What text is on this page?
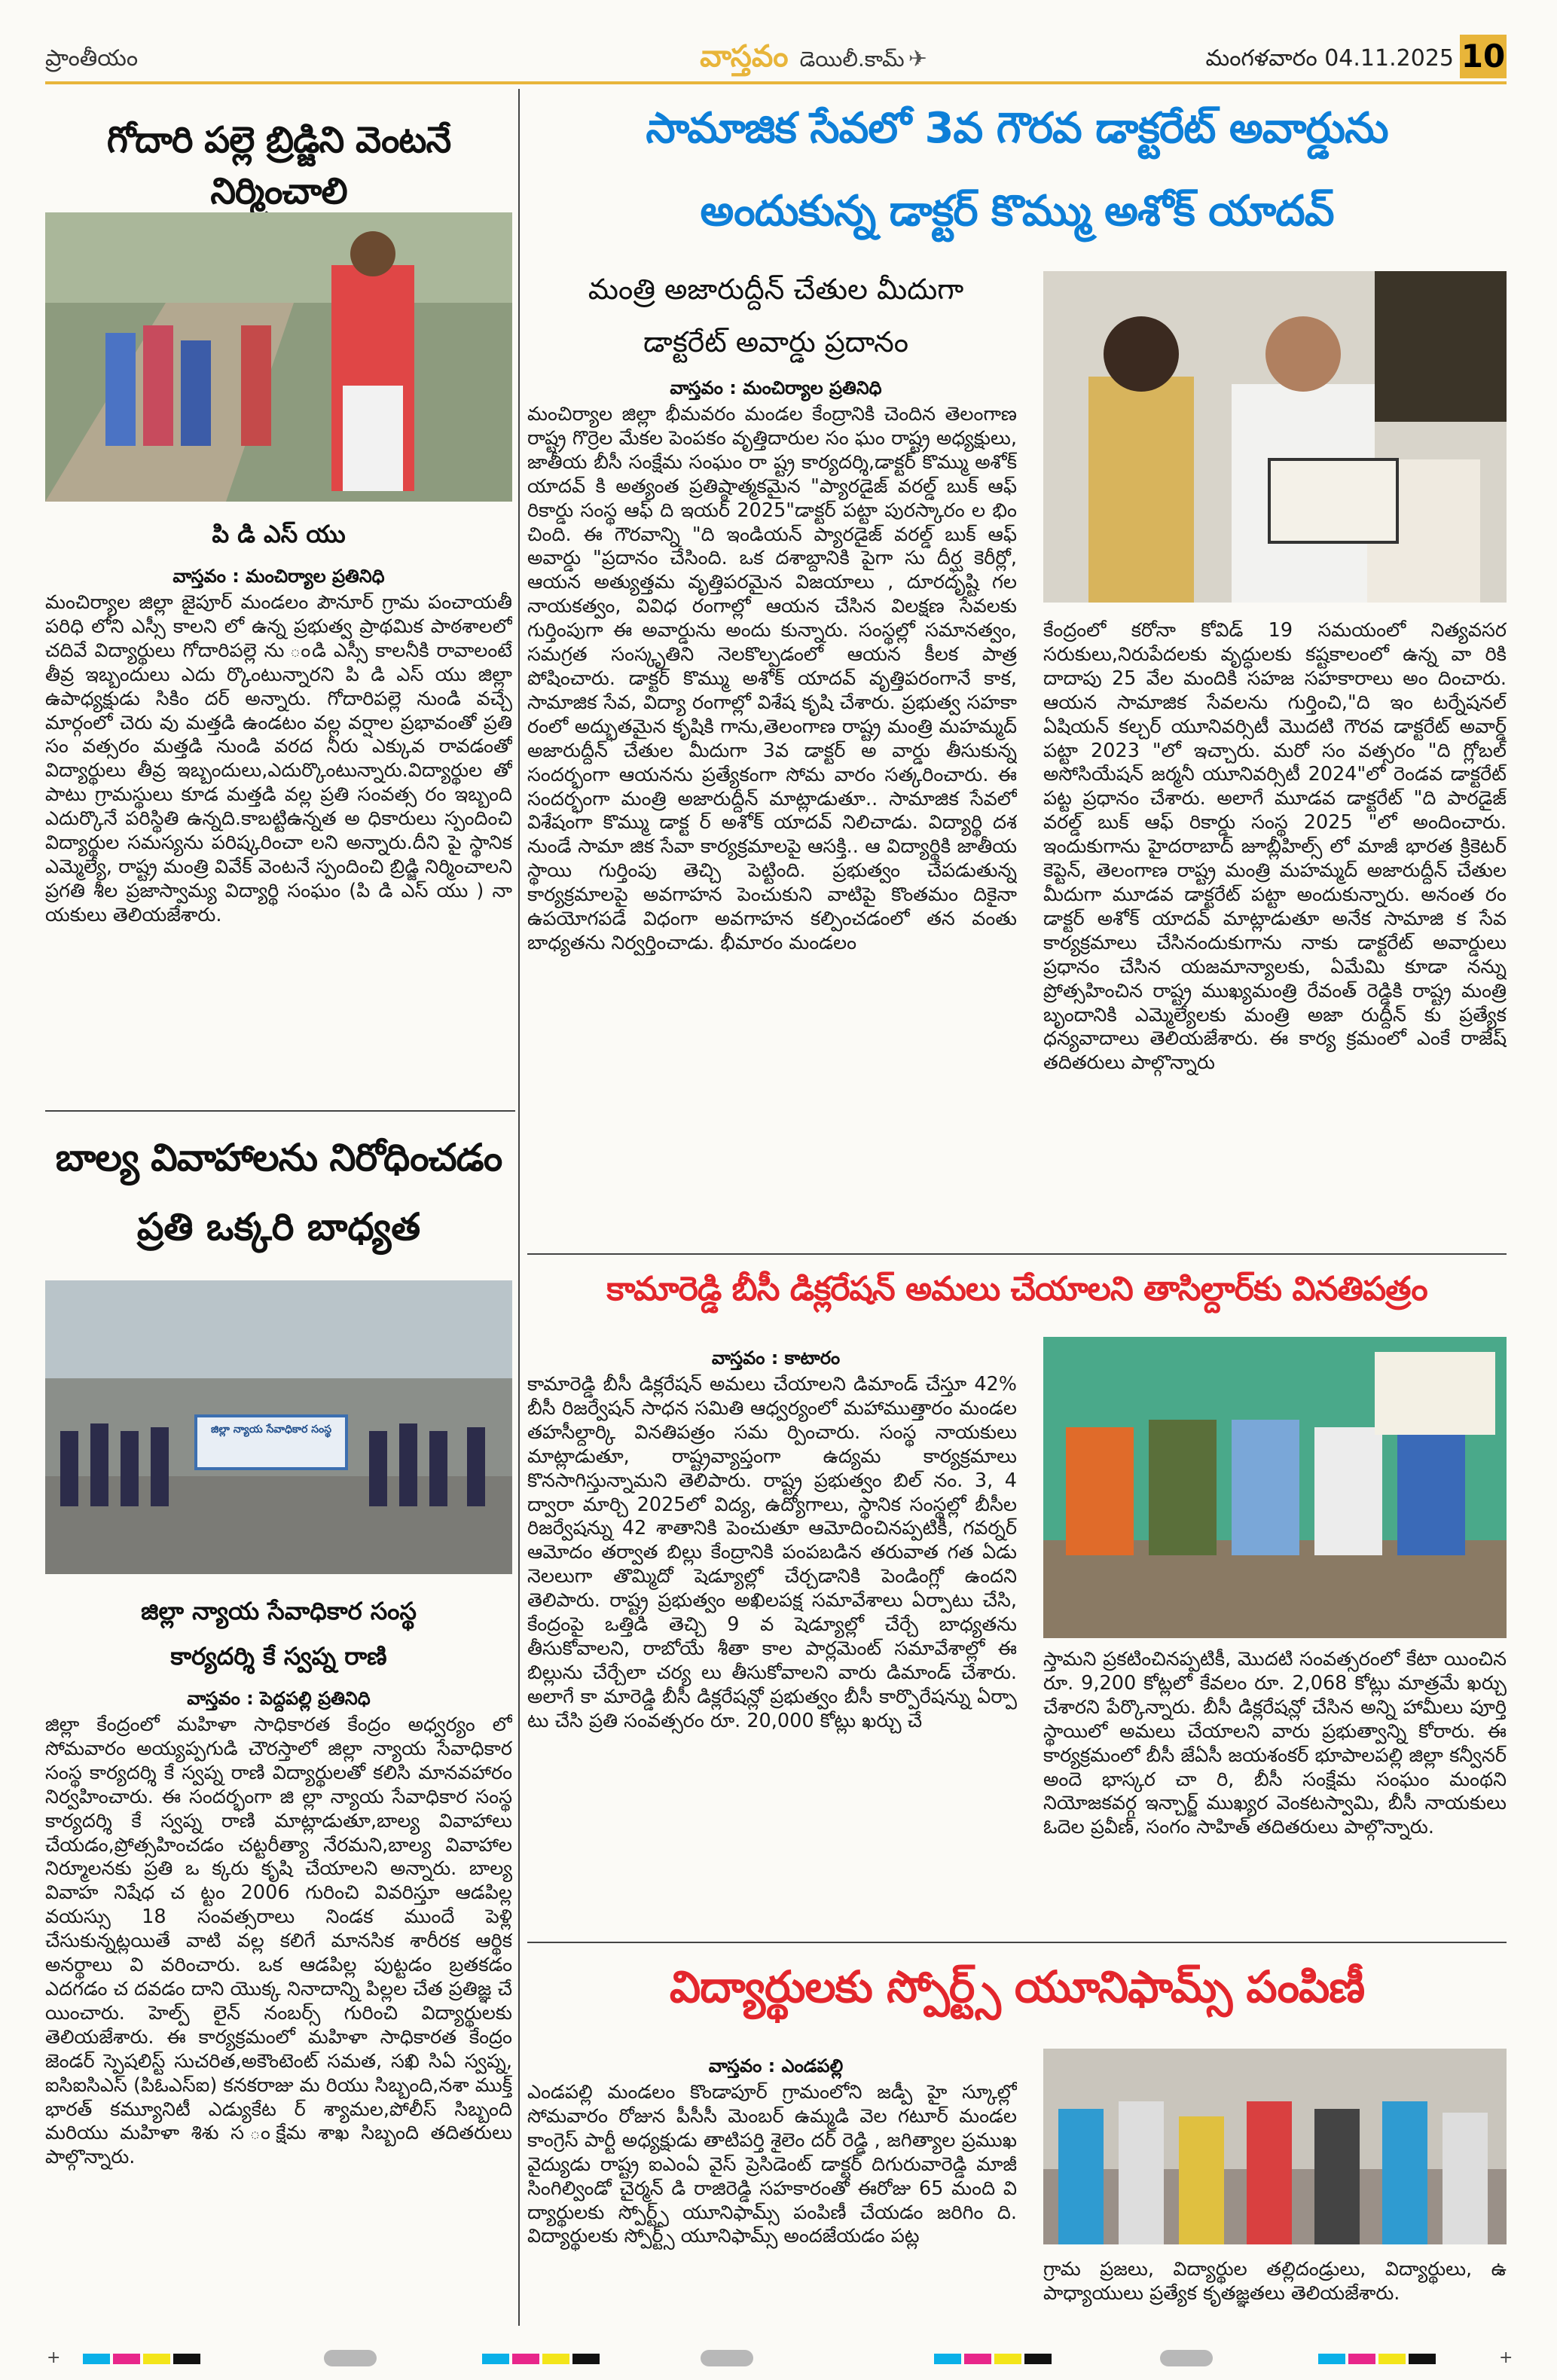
ప్రాంతీయం	వాస్తవం డెయిలీ.కామ్ ✈	మంగళవారం 04.11.2025 10
గోదారి పల్లె బ్రిడ్జిని వెంటనే నిర్మించాలి
పి డి ఎస్ యు
వాస్తవం : మంచిర్యాల ప్రతినిధి
మంచిర్యాల జిల్లా జైపూర్ మండలం పౌనూర్ గ్రామ పంచాయతీ పరిధి లోని ఎస్సీ కాలని లో ఉన్న ప్రభుత్వ ప్రాథమిక పాఠశాలలో చదివే విద్యార్థులు గోదారిపల్లె ను ండి ఎస్సీ కాలనీకి రావాలంటే తీవ్ర ఇబ్బందులు ఎదు ర్కొంటున్నారని పి డి ఎస్ యు జిల్లా ఉపాధ్యక్షుడు సికిం దర్ అన్నారు. గోదారిపల్లె నుండి వచ్చే మార్గంలో చెరు వు మత్తడి ఉండటం వల్ల వర్షాల ప్రభావంతో ప్రతి సం వత్సరం మత్తడి నుండి వరద నీరు ఎక్కువ రావడంతో విద్యార్థులు తీవ్ర ఇబ్బందులు,ఎదుర్కొంటున్నారు.విద్యార్థుల తో పాటు గ్రామస్థులు కూడ మత్తడి వల్ల ప్రతి సంవత్స రం ఇబ్బంది ఎదుర్కొనే పరిస్థితి ఉన్నది.కాబట్టిఉన్నత అ ధికారులు స్పందించి విద్యార్థుల సమస్యను పరిష్కరించా లని అన్నారు.దీని పై స్థానిక ఎమ్మెల్యే, రాష్ట్ర మంత్రి వివేక్ వెంటనే స్పందించి బ్రిడ్జి నిర్మించాలని ప్రగతి శీల ప్రజాస్వామ్య విద్యార్థి సంఘం (పి డి ఎస్ యు ) నా యకులు తెలియజేశారు.
బాల్య వివాహాలను నిరోధించడం
ప్రతి ఒక్కరి బాధ్యత
జిల్లా న్యాయ సేవాధికార సంస్థ
జిల్లా న్యాయ సేవాధికార సంస్థ
కార్యదర్శి కే స్వప్న రాణి
వాస్తవం : పెద్దపల్లి ప్రతినిధి
జిల్లా కేంద్రంలో మహిళా సాధికారత కేంద్రం అధ్వర్యం లో సోమవారం అయ్యప్పగుడి చౌరస్తాలో జిల్లా న్యాయ సేవాధికార సంస్థ కార్యదర్శి కే స్వప్న రాణి విద్యార్థులతో కలిసి మానవహారం నిర్వహించారు. ఈ సందర్భంగా జి ల్లా న్యాయ సేవాధికార సంస్థ కార్యదర్శి కే స్వప్న రాణి మాట్లాడుతూ,బాల్య వివాహాలు చేయడం,ప్రోత్సహించడం చట్టరీత్యా నేరమని,బాల్య వివాహాల నిర్మూలనకు ప్రతి ఒ క్కరు కృషి చేయాలని అన్నారు. బాల్య వివాహ నిషేధ చ ట్టం 2006 గురించి వివరిస్తూ ఆడపిల్ల వయస్సు 18 సంవత్సరాలు నిండక ముందే పెళ్లి చేసుకున్నట్లయితే వాటి వల్ల కలిగే మానసిక శారీరక ఆర్థిక అనర్థాలు వి వరించారు. ఒక ఆడపిల్ల పుట్టడం బ్రతకడం ఎదగడం చ దవడం దాని యొక్క నినాదాన్ని పిల్లల చేత ప్రతిజ్ఞ చే యించారు. హెల్ప్ లైన్ నంబర్స్ గురించి విద్యార్థులకు తెలియజేశారు. ఈ కార్యక్రమంలో మహిళా సాధికారత కేంద్రం జెండర్ స్పెషలిస్ట్ సుచరిత,అకౌంటెంట్ సమత, సఖి సిఏ స్వప్న, ఐసిఐసిఎస్ (పిఓఎస్ఐ) కనకరాజు మ రియు సిబ్బంది,నశా ముక్త్ భారత్ కమ్యూనిటీ ఎడ్యుకేట ర్ శ్యామల,పోలీస్ సిబ్బంది మరియు మహిళా శిశు స ంక్షేమ శాఖ సిబ్బంది తదితరులు పాల్గొన్నారు.
సామాజిక సేవలో 3వ గౌరవ డాక్టరేట్ అవార్డును
అందుకున్న డాక్టర్ కొమ్ము అశోక్ యాదవ్
మంత్రి అజారుద్దీన్ చేతుల మీదుగా
డాక్టరేట్ అవార్డు ప్రదానం
వాస్తవం : మంచిర్యాల ప్రతినిధి
మంచిర్యాల జిల్లా భీమవరం మండల కేంద్రానికి చెందిన తెలంగాణ రాష్ట్ర గొర్రెల మేకల పెంపకం వృత్తిదారుల సం ఘం రాష్ట్ర అధ్యక్షులు, జాతీయ బీసీ సంక్షేమ సంఘం రా ష్ట్ర కార్యదర్శి,డాక్టర్ కొమ్ము అశోక్ యాదవ్ కి అత్యంత ప్రతిష్ఠాత్మకమైన "ప్యారడైజ్ వరల్డ్ బుక్ ఆఫ్ రికార్డు సంస్థ ఆఫ్ ది ఇయర్ 2025"డాక్టర్ పట్టా పురస్కారం ల భిం చింది. ఈ గౌరవాన్ని "ది ఇండియన్ ప్యారడైజ్ వరల్డ్ బుక్ ఆఫ్ అవార్డు "ప్రదానం చేసింది. ఒక దశాబ్దానికి పైగా సు దీర్ఘ కెరీర్లో, ఆయన అత్యుత్తమ వృత్తిపరమైన విజయాలు , దూరదృష్టి గల నాయకత్వం, వివిధ రంగాల్లో ఆయన చేసిన విలక్షణ సేవలకు గుర్తింపుగా ఈ అవార్డును అందు కున్నారు. సంస్థల్లో సమానత్వం, సమగ్రత సంస్కృతిని నెలకొల్పడంలో ఆయన కీలక పాత్ర పోషించారు. డాక్టర్ కొమ్ము అశోక్ యాదవ్ వృత్తిపరంగానే కాక, సామాజిక సేవ, విద్యా రంగాల్లో విశేష కృషి చేశారు. ప్రభుత్వ సహకా రంలో అద్భుతమైన కృషికి గాను,తెలంగాణ రాష్ట్ర మంత్రి మహమ్మద్ అజారుద్దీన్ చేతుల మీదుగా 3వ డాక్టర్ అ వార్డు తీసుకున్న సందర్భంగా ఆయనను ప్రత్యేకంగా సోమ వారం సత్కరించారు. ఈ సందర్భంగా మంత్రి అజారుద్దీన్ మాట్లాడుతూ.. సామాజిక సేవలో విశేషంగా కొమ్ము డాక్ట ర్ అశోక్ యాదవ్ నిలిచాడు. విద్యార్థి దశ నుండే సామా జిక సేవా కార్యక్రమాలపై ఆసక్తి.. ఆ విద్యార్థికి జాతీయ స్థాయి గుర్తింపు తెచ్చి పెట్టింది. ప్రభుత్వం చేపడుతున్న కార్యక్రమాలపై అవగాహన పెంచుకుని వాటిపై కొంతమం దికైనా ఉపయోగపడే విధంగా అవగాహన కల్పించడంలో తన వంతు బాధ్యతను నిర్వర్తించాడు. భీమారం మండలం
కేంద్రంలో కరోనా కోవిడ్ 19 సమయంలో నిత్యవసర సరుకులు,నిరుపేదలకు వృద్ధులకు కష్టకాలంలో ఉన్న వా రికి దాదాపు 25 వేల మందికి సహజ సహకారాలు అం దించారు. ఆయన సామాజిక సేవలను గుర్తించి,"ది ఇం టర్నేషనల్ ఏషియన్ కల్చర్ యూనివర్సిటీ మొదటి గౌరవ డాక్టరేట్ అవార్డ్ పట్టా 2023 "లో ఇచ్చారు. మరో సం వత్సరం "ది గ్లోబల్ అసోసియేషన్ జర్మనీ యూనివర్సిటీ 2024"లో రెండవ డాక్టరేట్ పట్ట ప్రధానం చేశారు. అలాగే మూడవ డాక్టరేట్ "ది పారడైజ్ వరల్డ్ బుక్ ఆఫ్ రికార్డు సంస్థ 2025 "లో అందించారు. ఇందుకుగాను హైదరాబాద్ జూబ్లీహిల్స్ లో మాజీ భారత క్రికెటర్ కెప్టెన్, తెలంగాణ రాష్ట్ర మంత్రి మహమ్మద్ అజారుద్దీన్ చేతుల మీదుగా మూడవ డాక్టరేట్ పట్టా అందుకున్నారు. అనంత రం డాక్టర్ అశోక్ యాదవ్ మాట్లాడుతూ అనేక సామాజి క సేవ కార్యక్రమాలు చేసినందుకుగాను నాకు డాక్టరేట్ అవార్డులు ప్రధానం చేసిన యజమాన్యాలకు, ఏమేమి కూడా నన్ను ప్రోత్సహించిన రాష్ట్ర ముఖ్యమంత్రి రేవంత్ రెడ్డికి రాష్ట్ర మంత్రి బృందానికి ఎమ్మెల్యేలకు మంత్రి అజా రుద్దీన్ కు ప్రత్యేక ధన్యవాదాలు తెలియజేశారు. ఈ కార్య క్రమంలో ఎంకే రాజేష్ తదితరులు పాల్గొన్నారు
కామారెడ్డి బీసీ డిక్లరేషన్ అమలు చేయాలని తాసిల్దార్‌కు వినతిపత్రం
వాస్తవం : కాటారం
కామారెడ్డి బీసీ డిక్లరేషన్ అమలు చేయాలని డిమాండ్ చేస్తూ 42% బీసీ రిజర్వేషన్ సాధన సమితి ఆధ్వర్యంలో మహాముత్తారం మండల తహసీల్దార్కి వినతిపత్రం సమ ర్పించారు. సంస్థ నాయకులు మాట్లాడుతూ, రాష్ట్రవ్యాప్తంగా ఉద్యమ కార్యక్రమాలు కొనసాగిస్తున్నామని తెలిపారు. రాష్ట్ర ప్రభుత్వం బిల్ నం. 3, 4 ద్వారా మార్చి 2025లో విద్య, ఉద్యోగాలు, స్థానిక సంస్థల్లో బీసీల రిజర్వేషన్ను 42 శాతానికి పెంచుతూ ఆమోదించినప్పటికీ, గవర్నర్ ఆమోదం తర్వాత బిల్లు కేంద్రానికి పంపబడిన తరువాత గత ఏడు నెలలుగా తొమ్మిదో షెడ్యూల్లో చేర్చడానికి పెండింగ్లో ఉందని తెలిపారు. రాష్ట్ర ప్రభుత్వం అఖిలపక్ష సమావేశాలు ఏర్పాటు చేసి, కేంద్రంపై ఒత్తిడి తెచ్చి 9 వ షెడ్యూల్లో చేర్చే బాధ్యతను తీసుకోవాలని, రాబోయే శీతా కాల పార్లమెంట్ సమావేశాల్లో ఈ బిల్లును చేర్చేలా చర్య లు తీసుకోవాలని వారు డిమాండ్ చేశారు. అలాగే కా మారెడ్డి బీసీ డిక్లరేషన్లో ప్రభుత్వం బీసీ కార్పొరేషన్ను ఏర్పా టు చేసి ప్రతి సంవత్సరం రూ. 20,000 కోట్లు ఖర్చు చే
స్తామని ప్రకటించినప్పటికీ, మొదటి సంవత్సరంలో కేటా యించిన రూ. 9,200 కోట్లలో కేవలం రూ. 2,068 కోట్లు మాత్రమే ఖర్చు చేశారని పేర్కొన్నారు. బీసీ డిక్లరేషన్లో చేసిన అన్ని హామీలు పూర్తి స్థాయిలో అమలు చేయాలని వారు ప్రభుత్వాన్ని కోరారు. ఈ కార్యక్రమంలో బీసీ జేఏసీ జయశంకర్ భూపాలపల్లి జిల్లా కన్వీనర్ అందె భాస్కర చా రి, బీసీ సంక్షేమ సంఘం మంథని నియోజకవర్గ ఇన్చార్జ్ ముఖ్యర వెంకటస్వామి, బీసీ నాయకులు ఓదెల ప్రవీణ్, సంగం సాహిత్ తదితరులు పాల్గొన్నారు.
విద్యార్థులకు స్పోర్ట్స్ యూనిఫామ్స్ పంపిణీ
వాస్తవం : ఎండపల్లి
ఎండపల్లి మండలం కొండాపూర్ గ్రామంలోని జడ్పీ హై స్కూల్లో సోమవారం రోజున పీసీసీ మెంబర్ ఉమ్మడి వెల గటూర్ మండల కాంగ్రెస్ పార్టీ అధ్యక్షుడు తాటిపర్తి శైలెం దర్ రెడ్డి , జగిత్యాల ప్రముఖ వైద్యుడు రాష్ట్ర ఐఎంఏ వైస్ ప్రెసిడెంట్ డాక్టర్ దిగురువారెడ్డి మాజీ సింగిల్విండో చైర్మన్ డి రాజిరెడ్డి సహకారంతో ఈరోజు 65 మంది వి ద్యార్థులకు స్పోర్ట్స్ యూనిఫామ్స్ పంపిణీ చేయడం జరిగిం ది. విద్యార్థులకు స్పోర్ట్స్ యూనిఫామ్స్ అందజేయడం పట్ల
గ్రామ ప్రజలు, విద్యార్థుల తల్లిదండ్రులు, విద్యార్థులు, ఉ పాధ్యాయులు ప్రత్యేక కృతజ్ఞతలు తెలియజేశారు.
+	+
